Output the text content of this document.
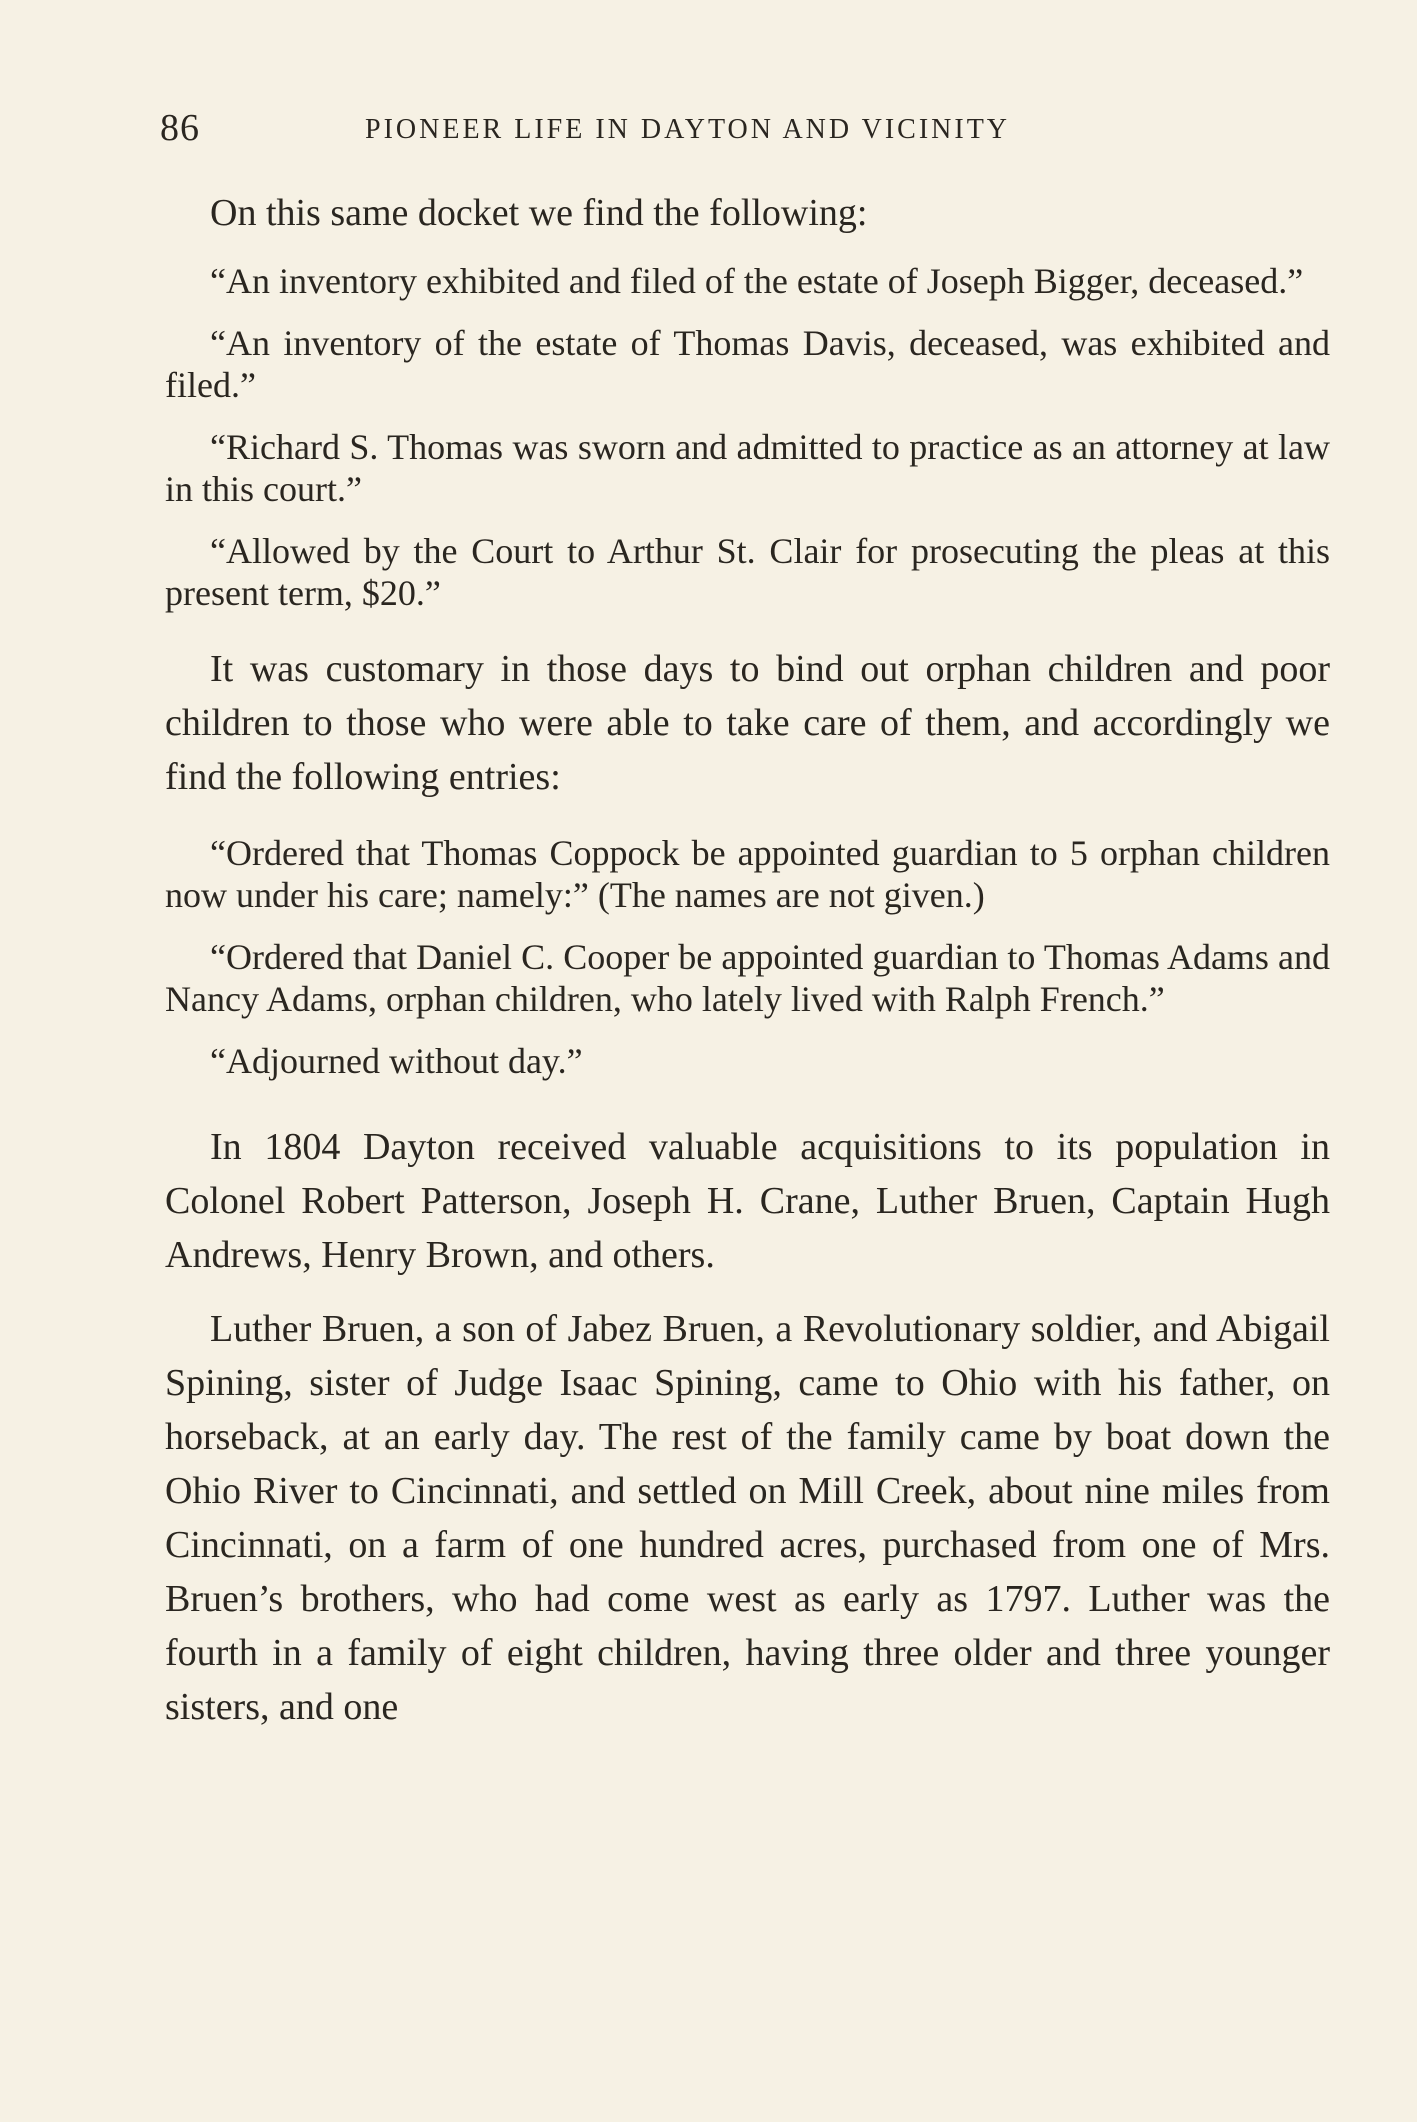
86	PIONEER LIFE IN DAYTON AND VICINITY

On this same docket we find the following:

“An inventory exhibited and filed of the estate of Joseph Bigger, deceased.”

“An inventory of the estate of Thomas Davis, deceased, was exhibited and filed.”

“Richard S. Thomas was sworn and admitted to practice as an attorney at law in this court.”

“Allowed by the Court to Arthur St. Clair for prosecuting the pleas at this present term, $20.”

It was customary in those days to bind out orphan children and poor children to those who were able to take care of them, and accordingly we find the following entries:

“Ordered that Thomas Coppock be appointed guardian to 5 orphan children now under his care; namely:” (The names are not given.)

“Ordered that Daniel C. Cooper be appointed guardian to Thomas Adams and Nancy Adams, orphan children, who lately lived with Ralph French.”

“Adjourned without day.”

In 1804 Dayton received valuable acquisitions to its population in Colonel Robert Patterson, Joseph H. Crane, Luther Bruen, Captain Hugh Andrews, Henry Brown, and others.

Luther Bruen, a son of Jabez Bruen, a Revolutionary soldier, and Abigail Spining, sister of Judge Isaac Spining, came to Ohio with his father, on horseback, at an early day. The rest of the family came by boat down the Ohio River to Cincinnati, and settled on Mill Creek, about nine miles from Cincinnati, on a farm of one hundred acres, purchased from one of Mrs. Bruen’s brothers, who had come west as early as 1797. Luther was the fourth in a family of eight children, having three older and three younger sisters, and one
